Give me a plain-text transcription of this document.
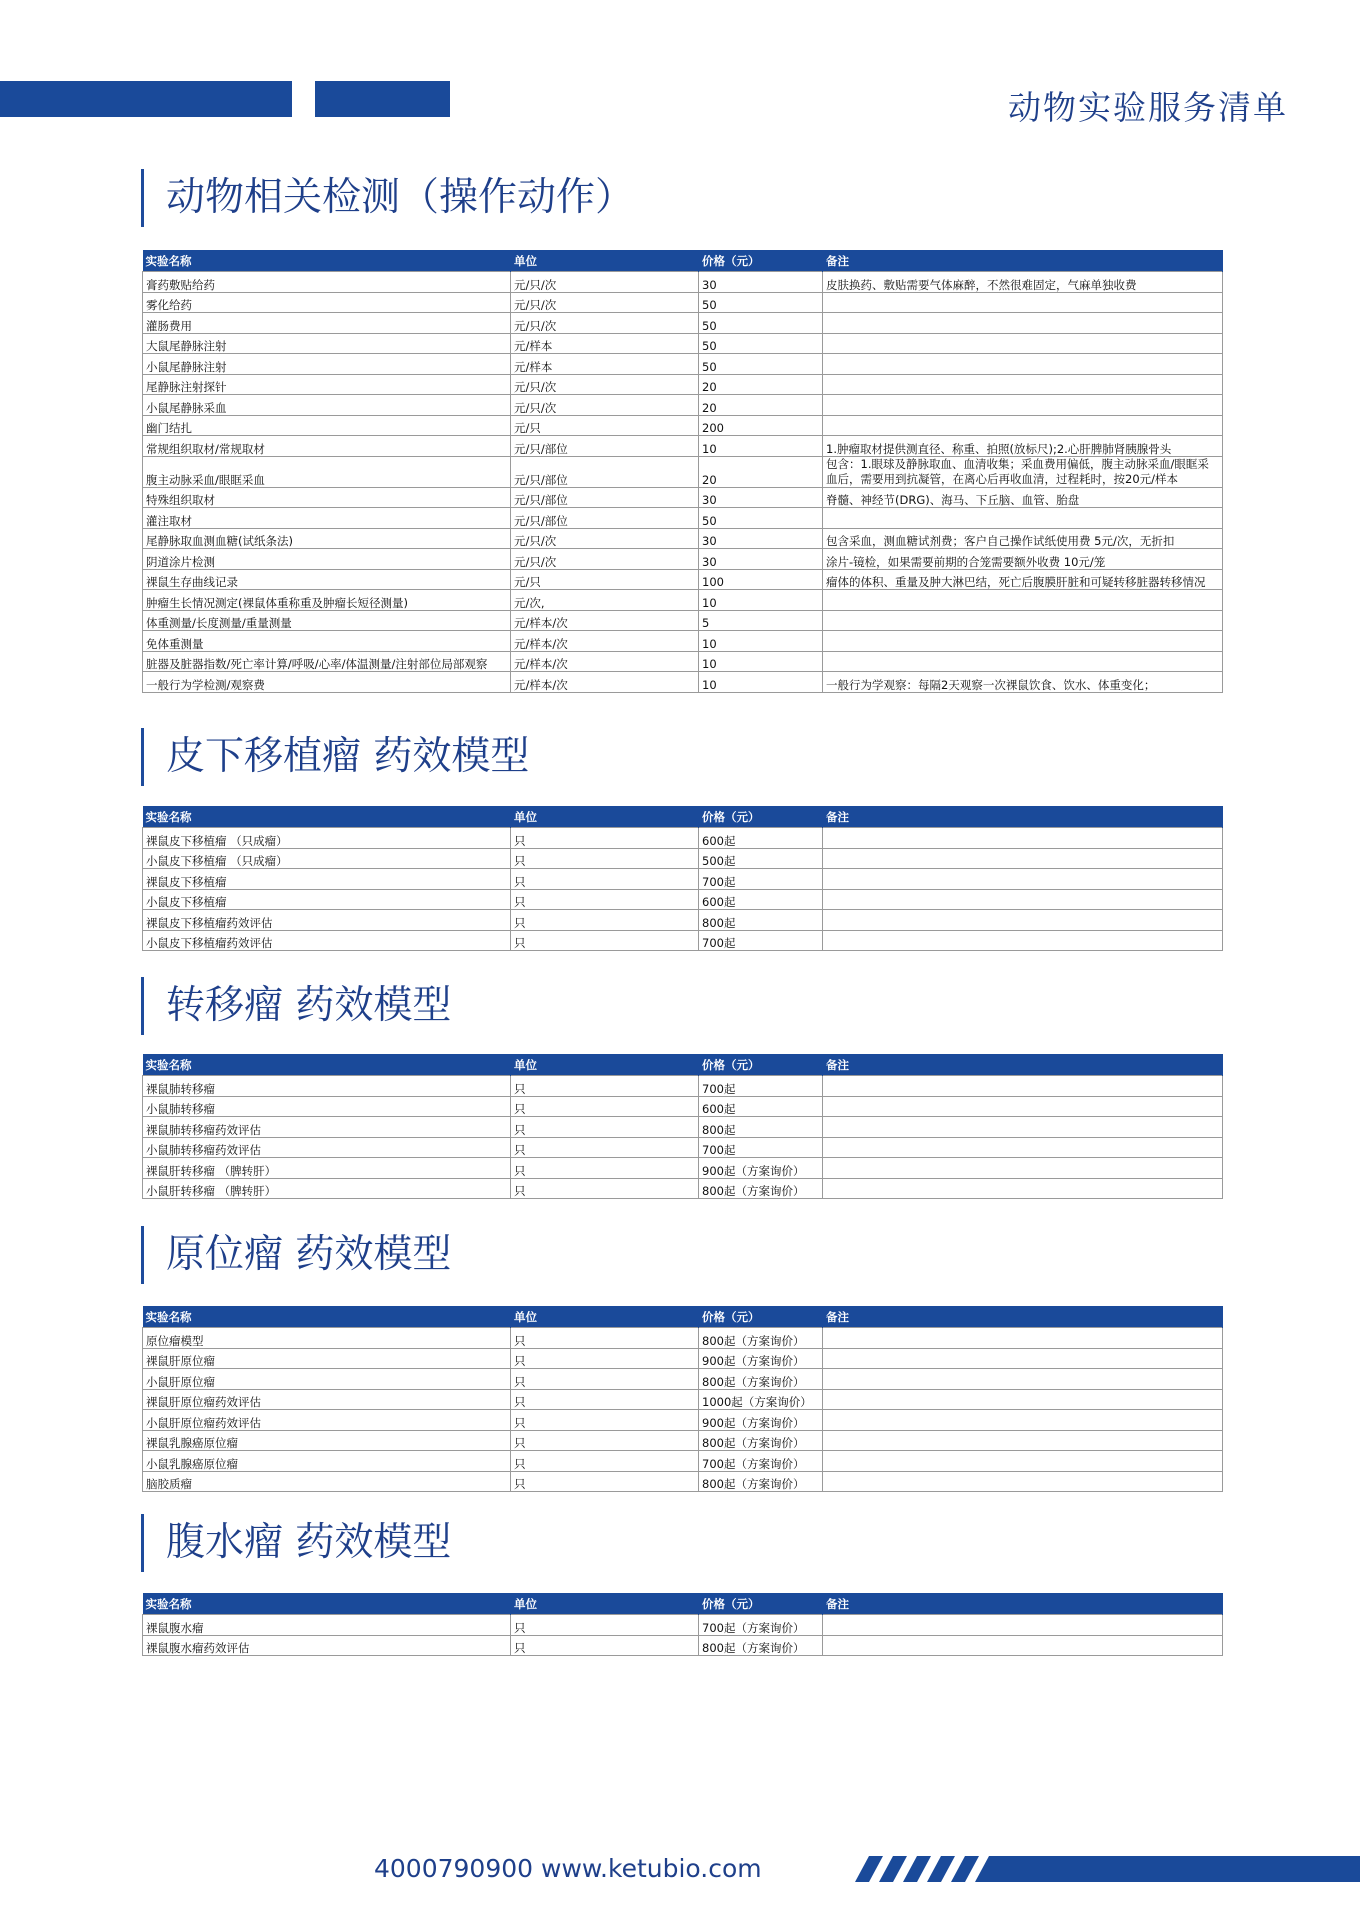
动物实验服务清单
动物相关检测（操作动作）
实验名称	单位	价格（元）	备注
膏药敷贴给药	元/只/次	30	皮肤换药、敷贴需要气体麻醉，不然很难固定，气麻单独收费
雾化给药	元/只/次	50	
灌肠费用	元/只/次	50	
大鼠尾静脉注射	元/样本	50	
小鼠尾静脉注射	元/样本	50	
尾静脉注射探针	元/只/次	20	
小鼠尾静脉采血	元/只/次	20	
幽门结扎	元/只	200	
常规组织取材/常规取材	元/只/部位	10	1.肿瘤取材提供测直径、称重、拍照(放标尺);2.心肝脾肺肾胰腺骨头
腹主动脉采血/眼眶采血	元/只/部位	20	包含：1.眼球及静脉取血、血清收集；采血费用偏低，腹主动脉采血/眼眶采血后，需要用到抗凝管，在离心后再收血清，过程耗时，按20元/样本
特殊组织取材	元/只/部位	30	脊髓、神经节(DRG)、海马、下丘脑、血管、胎盘
灌注取材	元/只/部位	50	
尾静脉取血测血糖(试纸条法)	元/只/次	30	包含采血，测血糖试剂费；客户自己操作试纸使用费 5元/次，无折扣
阴道涂片检测	元/只/次	30	涂片-镜检，如果需要前期的合笼需要额外收费 10元/笼
裸鼠生存曲线记录	元/只	100	瘤体的体积、重量及肿大淋巴结，死亡后腹膜肝脏和可疑转移脏器转移情况
肿瘤生长情况测定(裸鼠体重称重及肿瘤长短径测量)	元/次,	10	
体重测量/长度测量/重量测量	元/样本/次	5	
免体重测量	元/样本/次	10	
脏器及脏器指数/死亡率计算/呼吸/心率/体温测量/注射部位局部观察	元/样本/次	10	
一般行为学检测/观察费	元/样本/次	10	一般行为学观察：每隔2天观察一次裸鼠饮食、饮水、体重变化；
皮下移植瘤 药效模型
实验名称	单位	价格（元）	备注
裸鼠皮下移植瘤 （只成瘤）	只	600起	
小鼠皮下移植瘤 （只成瘤）	只	500起	
裸鼠皮下移植瘤	只	700起	
小鼠皮下移植瘤	只	600起	
裸鼠皮下移植瘤药效评估	只	800起	
小鼠皮下移植瘤药效评估	只	700起	
转移瘤 药效模型
实验名称	单位	价格（元）	备注
裸鼠肺转移瘤	只	700起	
小鼠肺转移瘤	只	600起	
裸鼠肺转移瘤药效评估	只	800起	
小鼠肺转移瘤药效评估	只	700起	
裸鼠肝转移瘤 （脾转肝）	只	900起（方案询价）	
小鼠肝转移瘤 （脾转肝）	只	800起（方案询价）	
原位瘤 药效模型
实验名称	单位	价格（元）	备注
原位瘤模型	只	800起（方案询价）	
裸鼠肝原位瘤	只	900起（方案询价）	
小鼠肝原位瘤	只	800起（方案询价）	
裸鼠肝原位瘤药效评估	只	1000起（方案询价）	
小鼠肝原位瘤药效评估	只	900起（方案询价）	
裸鼠乳腺癌原位瘤	只	800起（方案询价）	
小鼠乳腺癌原位瘤	只	700起（方案询价）	
脑胶质瘤	只	800起（方案询价）	
腹水瘤 药效模型
实验名称	单位	价格（元）	备注
裸鼠腹水瘤	只	700起（方案询价）	
裸鼠腹水瘤药效评估	只	800起（方案询价）	
4000790900 www.ketubio.com
